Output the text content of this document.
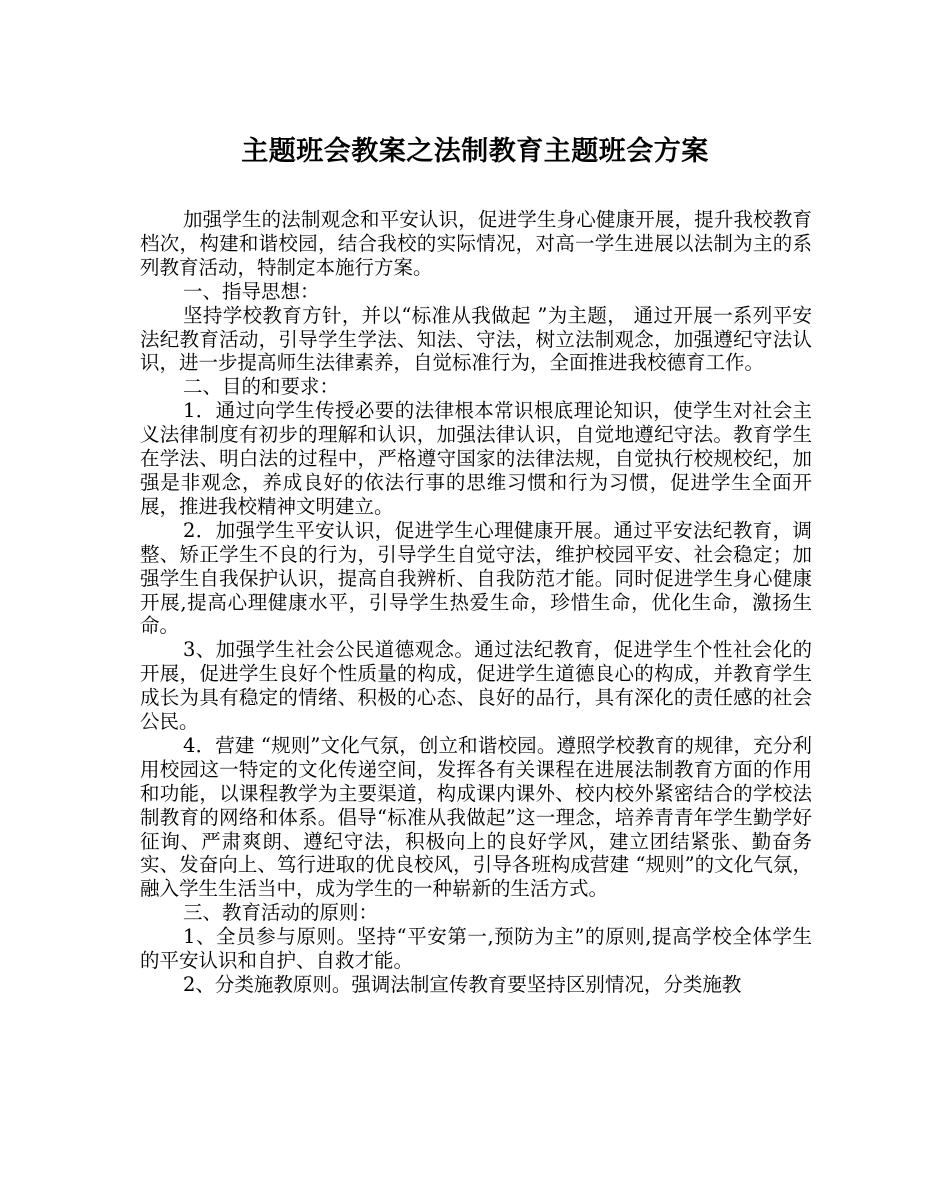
主题班会教案之法制教育主题班会方案

加强学生的法制观念和平安认识，促进学生身心健康开展，提升我校教育档次，构建和谐校园，结合我校的实际情况，对高一学生进展以法制为主的系列教育活动，特制定本施行方案。

一、指导思想：

坚持学校教育方针，并以“标准从我做起 ”为主题， 通过开展一系列平安法纪教育活动，引导学生学法、知法、守法，树立法制观念，加强遵纪守法认识，进一步提高师生法律素养，自觉标准行为，全面推进我校德育工作。

二、目的和要求：

1．通过向学生传授必要的法律根本常识根底理论知识，使学生对社会主义法律制度有初步的理解和认识，加强法律认识，自觉地遵纪守法。教育学生在学法、明白法的过程中，严格遵守国家的法律法规，自觉执行校规校纪，加强是非观念，养成良好的依法行事的思维习惯和行为习惯，促进学生全面开展，推进我校精神文明建立。

2．加强学生平安认识，促进学生心理健康开展。通过平安法纪教育，调整、矫正学生不良的行为，引导学生自觉守法，维护校园平安、社会稳定；加强学生自我保护认识，提高自我辨析、自我防范才能。同时促进学生身心健康开展,提高心理健康水平，引导学生热爱生命，珍惜生命，优化生命，激扬生命。

3、加强学生社会公民道德观念。通过法纪教育，促进学生个性社会化的开展，促进学生良好个性质量的构成，促进学生道德良心的构成，并教育学生成长为具有稳定的情绪、积极的心态、良好的品行，具有深化的责任感的社会公民。

4．营建 “规则”文化气氛，创立和谐校园。遵照学校教育的规律，充分利用校园这一特定的文化传递空间，发挥各有关课程在进展法制教育方面的作用和功能，以课程教学为主要渠道，构成课内课外、校内校外紧密结合的学校法制教育的网络和体系。倡导“标准从我做起”这一理念，培养青青年学生勤学好征询、严肃爽朗、遵纪守法，积极向上的良好学风，建立团结紧张、勤奋务实、发奋向上、笃行进取的优良校风，引导各班构成营建 “规则”的文化气氛，融入学生生活当中，成为学生的一种崭新的生活方式。

三、教育活动的原则：

1、全员参与原则。坚持“平安第一,预防为主”的原则,提高学校全体学生的平安认识和自护、自救才能。

2、分类施教原则。强调法制宣传教育要坚持区别情况，分类施教
